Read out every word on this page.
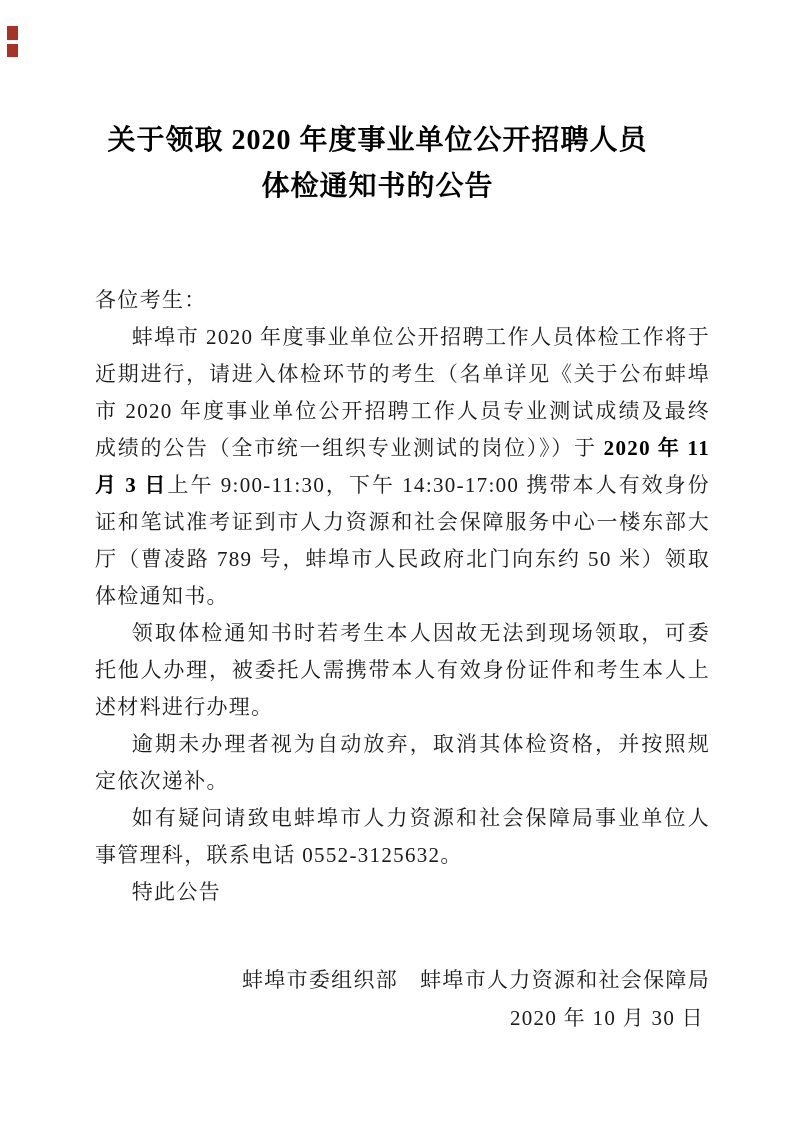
关于领取 2020 年度事业单位公开招聘人员
体检通知书的公告

各位考生：

蚌埠市 2020 年度事业单位公开招聘工作人员体检工作将于近期进行，请进入体检环节的考生（名单详见《关于公布蚌埠市 2020 年度事业单位公开招聘工作人员专业测试成绩及最终成绩的公告（全市统一组织专业测试的岗位）》）于 2020 年 11 月 3 日上午 9:00-11:30，下午 14:30-17:00 携带本人有效身份证和笔试准考证到市人力资源和社会保障服务中心一楼东部大厅（曹凌路 789 号，蚌埠市人民政府北门向东约 50 米）领取体检通知书。

领取体检通知书时若考生本人因故无法到现场领取，可委托他人办理，被委托人需携带本人有效身份证件和考生本人上述材料进行办理。

逾期未办理者视为自动放弃，取消其体检资格，并按照规定依次递补。

如有疑问请致电蚌埠市人力资源和社会保障局事业单位人事管理科，联系电话 0552-3125632。

特此公告

蚌埠市委组织部 蚌埠市人力资源和社会保障局
2020 年 10 月 30 日
